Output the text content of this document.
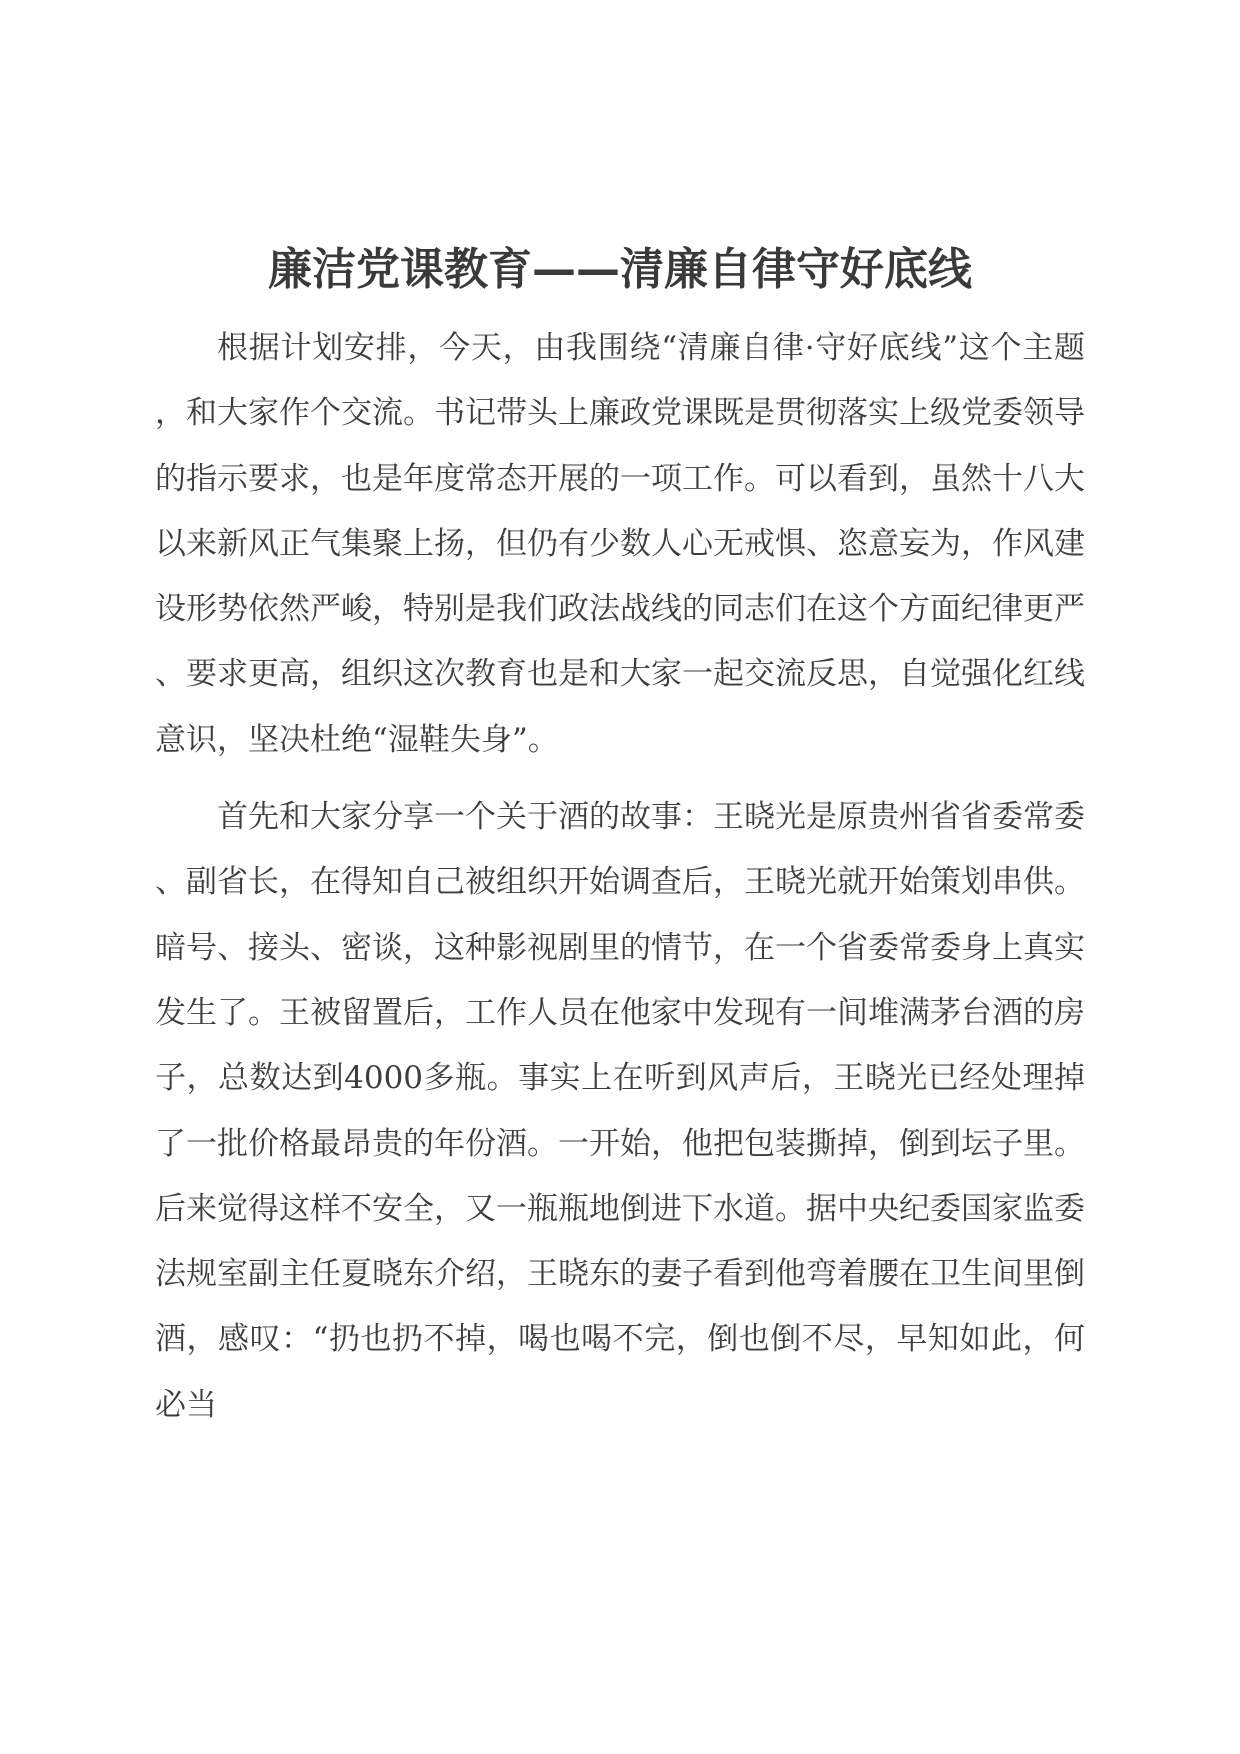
廉洁党课教育——清廉自律守好底线

根据计划安排，今天，由我围绕“清廉自律·守好底线”这个主题，和大家作个交流。书记带头上廉政党课既是贯彻落实上级党委领导的指示要求，也是年度常态开展的一项工作。可以看到，虽然十八大以来新风正气集聚上扬，但仍有少数人心无戒惧、恣意妄为，作风建设形势依然严峻，特别是我们政法战线的同志们在这个方面纪律更严、要求更高，组织这次教育也是和大家一起交流反思，自觉强化红线意识，坚决杜绝“湿鞋失身”。

首先和大家分享一个关于酒的故事：王晓光是原贵州省省委常委、副省长，在得知自己被组织开始调查后，王晓光就开始策划串供。暗号、接头、密谈，这种影视剧里的情节，在一个省委常委身上真实发生了。王被留置后，工作人员在他家中发现有一间堆满茅台酒的房子，总数达到4000多瓶。事实上在听到风声后，王晓光已经处理掉了一批价格最昂贵的年份酒。一开始，他把包装撕掉，倒到坛子里。后来觉得这样不安全，又一瓶瓶地倒进下水道。据中央纪委国家监委法规室副主任夏晓东介绍，王晓东的妻子看到他弯着腰在卫生间里倒酒，感叹：“扔也扔不掉，喝也喝不完，倒也倒不尽，早知如此，何必当
